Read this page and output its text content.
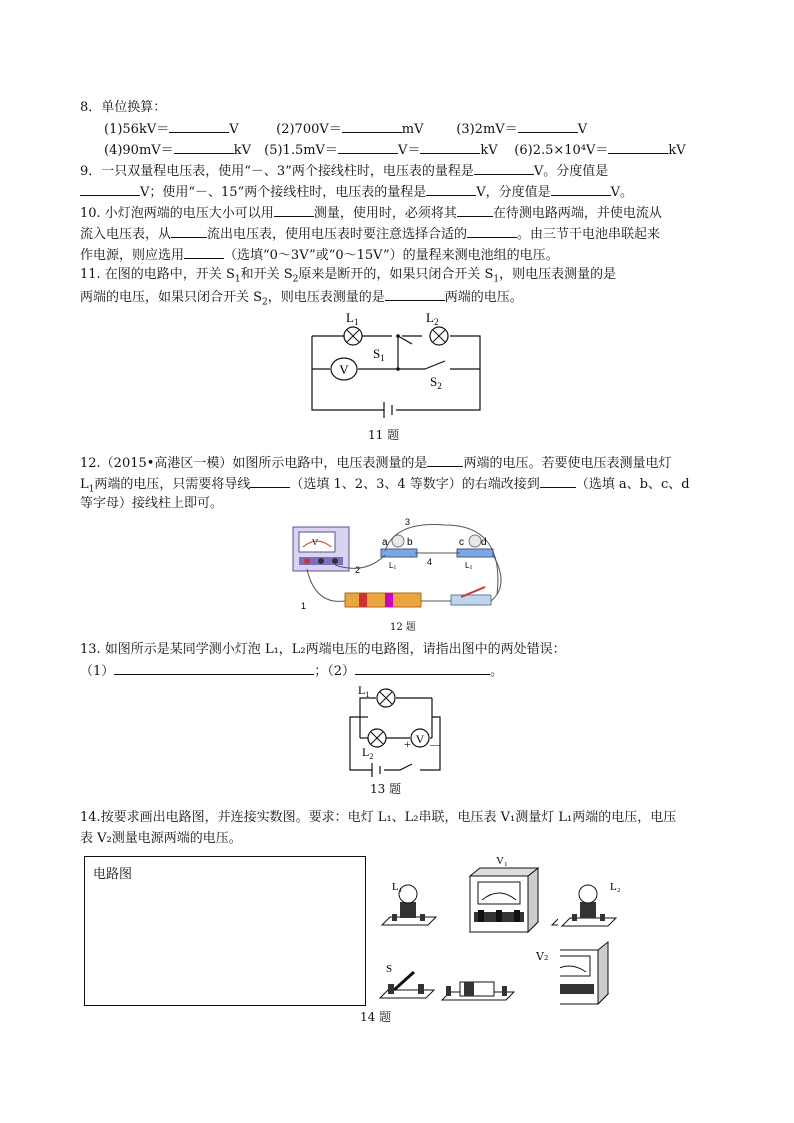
8．单位换算：
(1)56kV＝	V	(2)700V＝	mV	(3)2mV＝	V
(4)90mV＝	kV (5)1.5mV＝	V＝	kV (6)2.5×10⁴V＝	kV
9．一只双量程电压表，使用“－、3”两个接线柱时，电压表的量程是	V。分度值是
V；使用“－、15”两个接线柱时，电压表的量程是	V，分度值是	V。
10. 小灯泡两端的电压大小可以用	测量，使用时，必须将其	在待测电路两端，并使电流从
流入电压表，从	流出电压表，使用电压表时要注意选择合适的	。由三节干电池串联起来
作电源，则应选用	（选填“0～3V”或“0～15V”）的量程来测电池组的电压。
11. 在图的电路中，开关 $S_1$和开关 $S_2$原来是断开的，如果只闭合开关 $S_1$，则电压表测量的是
两端的电压，如果只闭合开关 $S_2$，则电压表测量的是	两端的电压。
V
$L_1$	$L_2$
$S_1$
$S_2$
11 题
12.（2015•高港区一模）如图所示电路中，电压表测量的是	两端的电压。若要使电压表测量电灯
$L_1$两端的电压，只需要将导线	（选填 1、2、3、4 等数字）的右端改接到	（选填 a、b、c、d
等字母）接线柱上即可。
V	a b	c d
L₁	L₂
1
2
3
4
12 题
13. 如图所示是某同学测小灯泡 L₁，L₂两端电压的电路图，请指出图中的两处错误：
（1）	；（2）	。
V
+ —
$L_1$
$L_2$
13 题
14.按要求画出电路图，并连接实数图。要求：电灯 L₁、L₂串联，电压表 V₁测量灯 L₁两端的电压，电压
表 V₂测量电源两端的电压。
电路图
L₁
V₁
S
L₂
V₂
14 题
